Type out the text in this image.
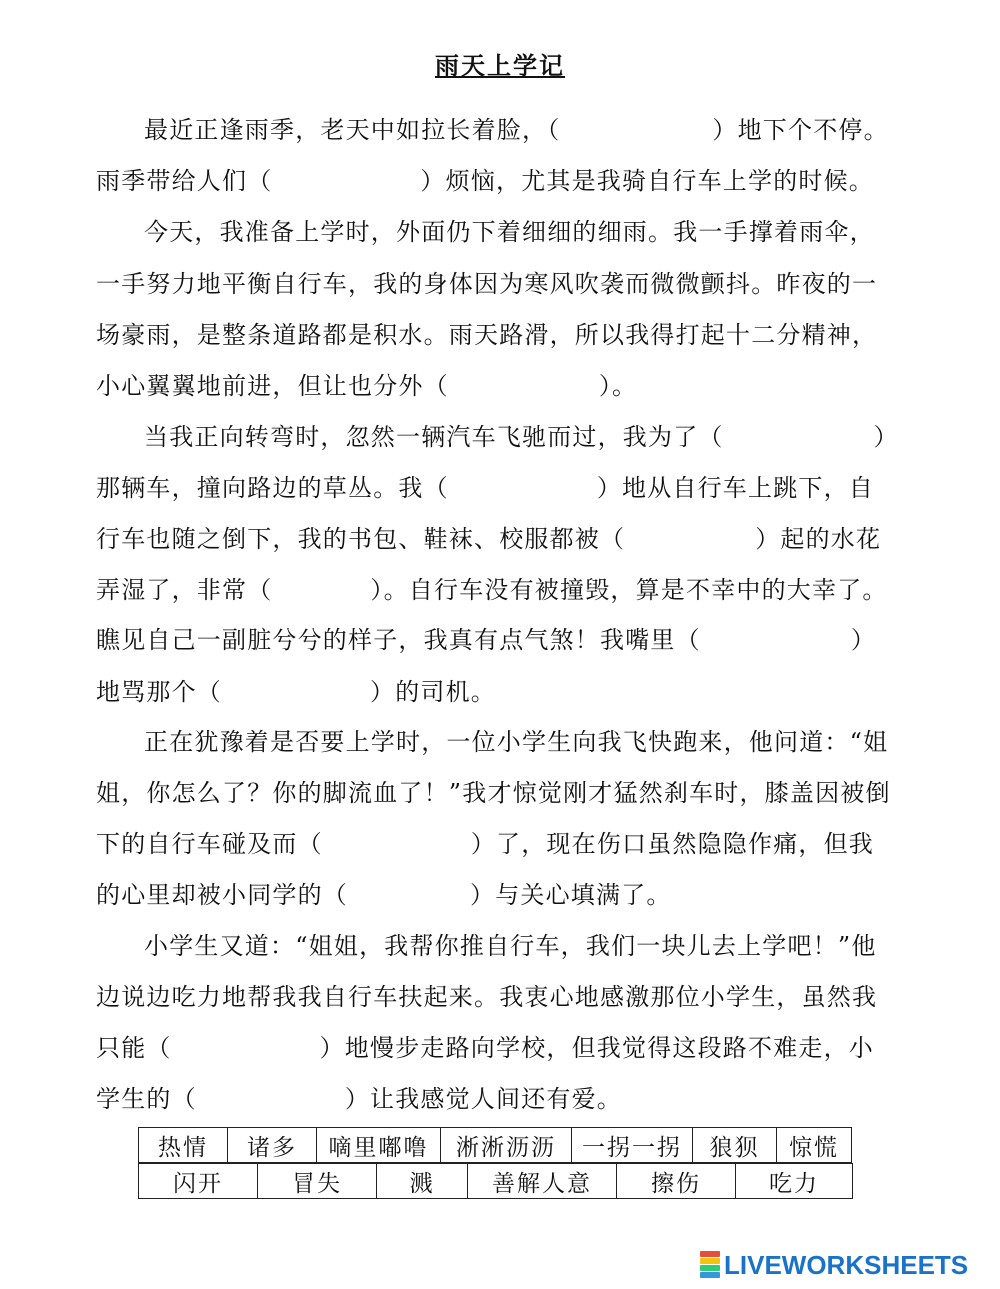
雨天上学记
最近正逢雨季，老天中如拉长着脸，（	）地下个不停。
雨季带给人们（	）烦恼，尤其是我骑自行车上学的时候。
今天，我准备上学时，外面仍下着细细的细雨。我一手撑着雨伞，
一手努力地平衡自行车，我的身体因为寒风吹袭而微微颤抖。昨夜的一
场豪雨，是整条道路都是积水。雨天路滑，所以我得打起十二分精神，
小心翼翼地前进，但让也分外（	）。
当我正向转弯时，忽然一辆汽车飞驰而过，我为了（	）
那辆车，撞向路边的草丛。我（	）地从自行车上跳下，自
行车也随之倒下，我的书包、鞋袜、校服都被（	）起的水花
弄湿了，非常（	）。自行车没有被撞毁，算是不幸中的大幸了。
瞧见自己一副脏兮兮的样子，我真有点气煞！我嘴里（	）
地骂那个（	）的司机。
正在犹豫着是否要上学时，一位小学生向我飞快跑来，他问道：“姐
姐，你怎么了？你的脚流血了！”我才惊觉刚才猛然刹车时，膝盖因被倒
下的自行车碰及而（	）了，现在伤口虽然隐隐作痛，但我
的心里却被小同学的（	）与关心填满了。
小学生又道：“姐姐，我帮你推自行车，我们一块儿去上学吧！”他
边说边吃力地帮我我自行车扶起来。我衷心地感激那位小学生，虽然我
只能（	）地慢步走路向学校，但我觉得这段路不难走，小
学生的（	）让我感觉人间还有爱。
热情	诸多	嘀里嘟噜	淅淅沥沥	一拐一拐	狼狈	惊慌
闪开	冒失	溅	善解人意	擦伤	吃力
LIVEWORKSHEETS
